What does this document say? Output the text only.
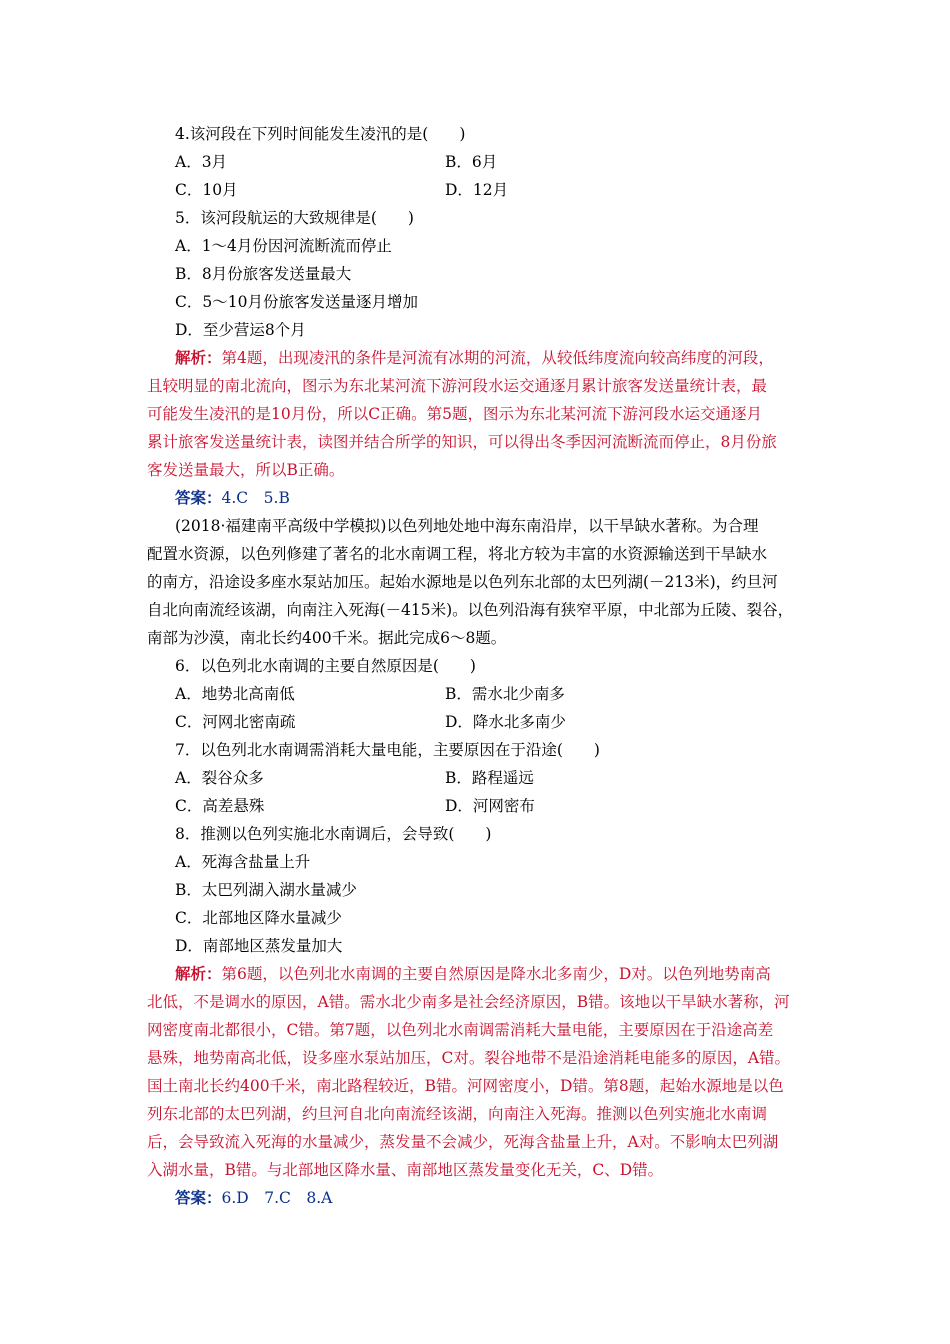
4.该河段在下列时间能发生凌汛的是(　　)
A．3月	B．6月
C．10月	D．12月
5．该河段航运的大致规律是(　　)
A．1～4月份因河流断流而停止
B．8月份旅客发送量最大
C．5～10月份旅客发送量逐月增加
D．至少营运8个月
解析：第4题，出现凌汛的条件是河流有冰期的河流，从较低纬度流向较高纬度的河段，
且较明显的南北流向，图示为东北某河流下游河段水运交通逐月累计旅客发送量统计表，最
可能发生凌汛的是10月份，所以C正确。第5题，图示为东北某河流下游河段水运交通逐月
累计旅客发送量统计表，读图并结合所学的知识，可以得出冬季因河流断流而停止，8月份旅
客发送量最大，所以B正确。
答案：4.C　5.B
(2018·福建南平高级中学模拟)以色列地处地中海东南沿岸，以干旱缺水著称。为合理
配置水资源，以色列修建了著名的北水南调工程，将北方较为丰富的水资源输送到干旱缺水
的南方，沿途设多座水泵站加压。起始水源地是以色列东北部的太巴列湖(－213米)，约旦河
自北向南流经该湖，向南注入死海(－415米)。以色列沿海有狭窄平原，中北部为丘陵、裂谷，
南部为沙漠，南北长约400千米。据此完成6～8题。
6．以色列北水南调的主要自然原因是(　　)
A．地势北高南低	B．需水北少南多
C．河网北密南疏	D．降水北多南少
7．以色列北水南调需消耗大量电能，主要原因在于沿途(　　)
A．裂谷众多	B．路程遥远
C．高差悬殊	D．河网密布
8．推测以色列实施北水南调后，会导致(　　)
A．死海含盐量上升
B．太巴列湖入湖水量减少
C．北部地区降水量减少
D．南部地区蒸发量加大
解析：第6题，以色列北水南调的主要自然原因是降水北多南少，D对。以色列地势南高
北低，不是调水的原因，A错。需水北少南多是社会经济原因，B错。该地以干旱缺水著称，河
网密度南北都很小，C错。第7题，以色列北水南调需消耗大量电能，主要原因在于沿途高差
悬殊，地势南高北低，设多座水泵站加压，C对。裂谷地带不是沿途消耗电能多的原因，A错。
国土南北长约400千米，南北路程较近，B错。河网密度小，D错。第8题，起始水源地是以色
列东北部的太巴列湖，约旦河自北向南流经该湖，向南注入死海。推测以色列实施北水南调
后，会导致流入死海的水量减少，蒸发量不会减少，死海含盐量上升，A对。不影响太巴列湖
入湖水量，B错。与北部地区降水量、南部地区蒸发量变化无关，C、D错。
答案：6.D　7.C　8.A
